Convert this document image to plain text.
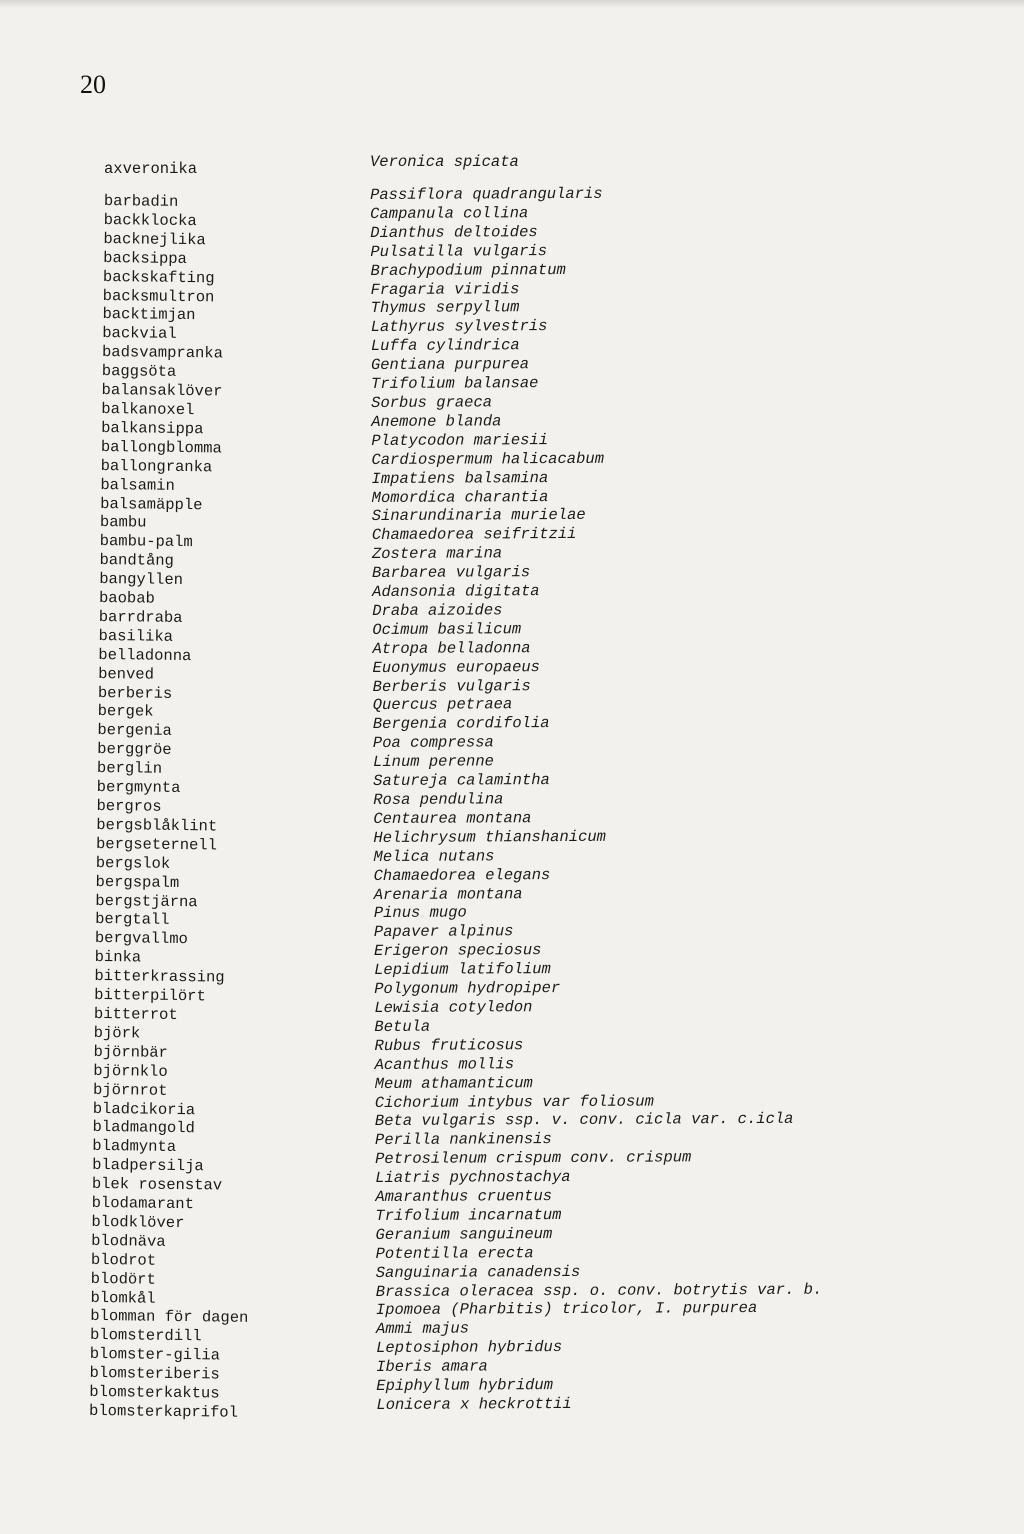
20
axveronika	Veronica spicata
barbadin
backklocka
backnejlika
backsippa
backskafting
backsmultron
backtimjan
backvial
badsvampranka
baggsöta
balansaklöver
balkanoxel
balkansippa
ballongblomma
ballongranka
balsamin
balsamäpple
bambu
bambu-palm
bandtång
bangyllen
baobab
barrdraba
basilika
belladonna
benved
berberis
bergek
bergenia
berggröe
berglin
bergmynta
bergros
bergsblåklint
bergseternell
bergslok
bergspalm
bergstjärna
bergtall
bergvallmo
binka
bitterkrassing
bitterpilört
bitterrot
björk
björnbär
björnklo
björnrot
bladcikoria
bladmangold
bladmynta
bladpersilja
blek rosenstav
blodamarant
blodklöver
blodnäva
blodrot
blodört
blomkål
blomman för dagen
blomsterdill
blomster-gilia
blomsteriberis
blomsterkaktus
blomsterkaprifol
Passiflora quadrangularis
Campanula collina
Dianthus deltoides
Pulsatilla vulgaris
Brachypodium pinnatum
Fragaria viridis
Thymus serpyllum
Lathyrus sylvestris
Luffa cylindrica
Gentiana purpurea
Trifolium balansae
Sorbus graeca
Anemone blanda
Platycodon mariesii
Cardiospermum halicacabum
Impatiens balsamina
Momordica charantia
Sinarundinaria murielae
Chamaedorea seifritzii
Zostera marina
Barbarea vulgaris
Adansonia digitata
Draba aizoides
Ocimum basilicum
Atropa belladonna
Euonymus europaeus
Berberis vulgaris
Quercus petraea
Bergenia cordifolia
Poa compressa
Linum perenne
Satureja calamintha
Rosa pendulina
Centaurea montana
Helichrysum thianshanicum
Melica nutans
Chamaedorea elegans
Arenaria montana
Pinus mugo
Papaver alpinus
Erigeron speciosus
Lepidium latifolium
Polygonum hydropiper
Lewisia cotyledon
Betula
Rubus fruticosus
Acanthus mollis
Meum athamanticum
Cichorium intybus var foliosum
Beta vulgaris ssp. v. conv. cicla var. c.icla
Perilla nankinensis
Petrosilenum crispum conv. crispum
Liatris pychnostachya
Amaranthus cruentus
Trifolium incarnatum
Geranium sanguineum
Potentilla erecta
Sanguinaria canadensis
Brassica oleracea ssp. o. conv. botrytis var. b.
Ipomoea (Pharbitis) tricolor, I. purpurea
Ammi majus
Leptosiphon hybridus
Iberis amara
Epiphyllum hybridum
Lonicera x heckrottii
